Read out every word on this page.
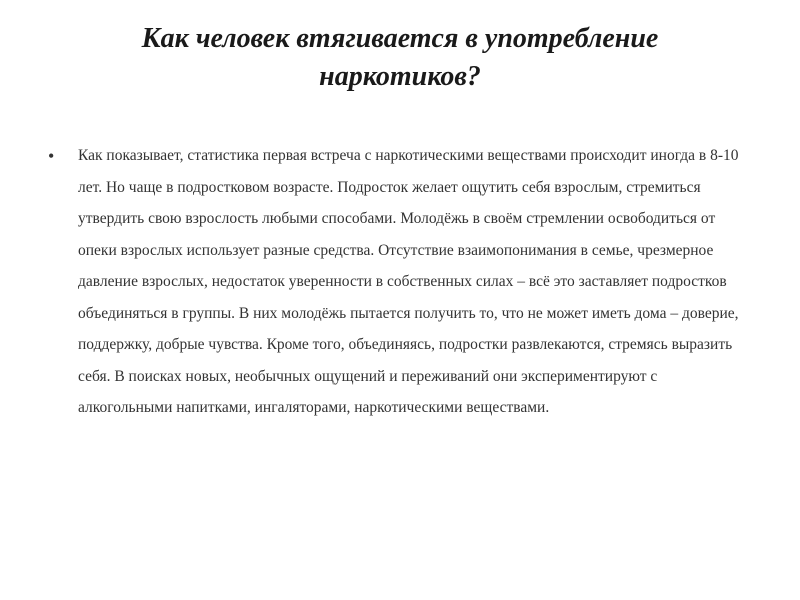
Как человек втягивается в употребление наркотиков?
• Как показывает, статистика первая встреча с наркотическими веществами происходит иногда в 8-10 лет. Но чаще в подростковом возрасте. Подросток желает ощутить себя взрослым, стремиться утвердить свою взрослость любыми способами. Молодёжь в своём стремлении освободиться от опеки взрослых использует разные средства. Отсутствие взаимопонимания в семье, чрезмерное давление взрослых, недостаток уверенности в собственных силах – всё это заставляет подростков объединяться в группы. В них молодёжь пытается получить то, что не может иметь дома – доверие, поддержку, добрые чувства. Кроме того, объединяясь, подростки развлекаются, стремясь выразить себя. В поисках новых, необычных ощущений и переживаний они экспериментируют с алкогольными напитками, ингаляторами, наркотическими веществами.
